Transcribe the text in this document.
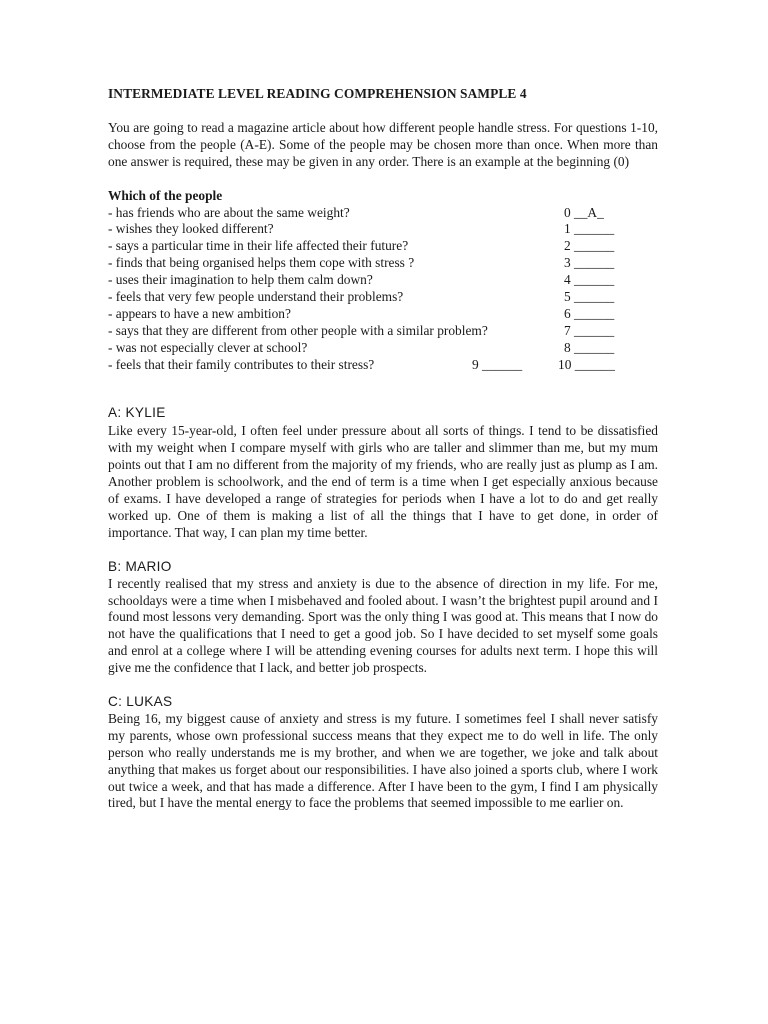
INTERMEDIATE LEVEL READING COMPREHENSION SAMPLE 4

You are going to read a magazine article about how different people handle stress. For questions 1-10, choose from the people (A-E). Some of the people may be chosen more than once. When more than one answer is required, these may be given in any order. There is an example at the beginning (0)

Which of the people

- has friends who are about the same weight?	0 __A_
- wishes they looked different?	1 ______
- says a particular time in their life affected their future?	2 ______
- finds that being organised helps them cope with stress ?	3 ______
- uses their imagination to help them calm down?	4 ______
- feels that very few people understand their problems?	5 ______
- appears to have a new ambition?	6 ______
- says that they are different from other people with a similar problem?	7 ______
- was not especially clever at school?	8 ______
- feels that their family contributes to their stress?	9 ______	10 ______

A: KYLIE

Like every 15-year-old, I often feel under pressure about all sorts of things. I tend to be dissatisfied with my weight when I compare myself with girls who are taller and slimmer than me, but my mum points out that I am no different from the majority of my friends, who are really just as plump as I am. Another problem is schoolwork, and the end of term is a time when I get especially anxious because of exams. I have developed a range of strategies for periods when I have a lot to do and get really worked up. One of them is making a list of all the things that I have to get done, in order of importance. That way, I can plan my time better.

B: MARIO

I recently realised that my stress and anxiety is due to the absence of direction in my life. For me, schooldays were a time when I misbehaved and fooled about. I wasn’t the brightest pupil around and I found most lessons very demanding. Sport was the only thing I was good at. This means that I now do not have the qualifications that I need to get a good job. So I have decided to set myself some goals and enrol at a college where I will be attending evening courses for adults next term. I hope this will give me the confidence that I lack, and better job prospects.

C: LUKAS

Being 16, my biggest cause of anxiety and stress is my future. I sometimes feel I shall never satisfy my parents, whose own professional success means that they expect me to do well in life. The only person who really understands me is my brother, and when we are together, we joke and talk about anything that makes us forget about our responsibilities. I have also joined a sports club, where I work out twice a week, and that has made a difference. After I have been to the gym, I find I am physically tired, but I have the mental energy to face the problems that seemed impossible to me earlier on.
